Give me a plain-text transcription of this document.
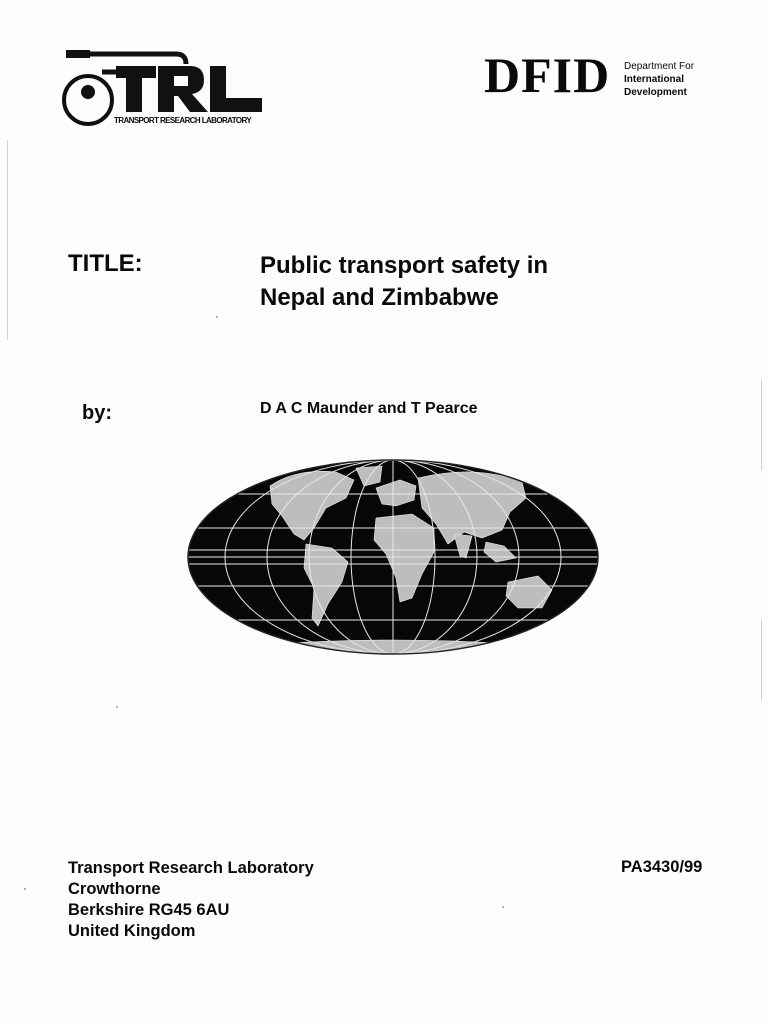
TRANSPORT RESEARCH LABORATORY
DFID Department For
International
Development
TITLE:	Public transport safety in
Nepal and Zimbabwe
by:	D A C Maunder and T Pearce
Transport Research Laboratory
Crowthorne
Berkshire RG45 6AU
United Kingdom
PA3430/99
